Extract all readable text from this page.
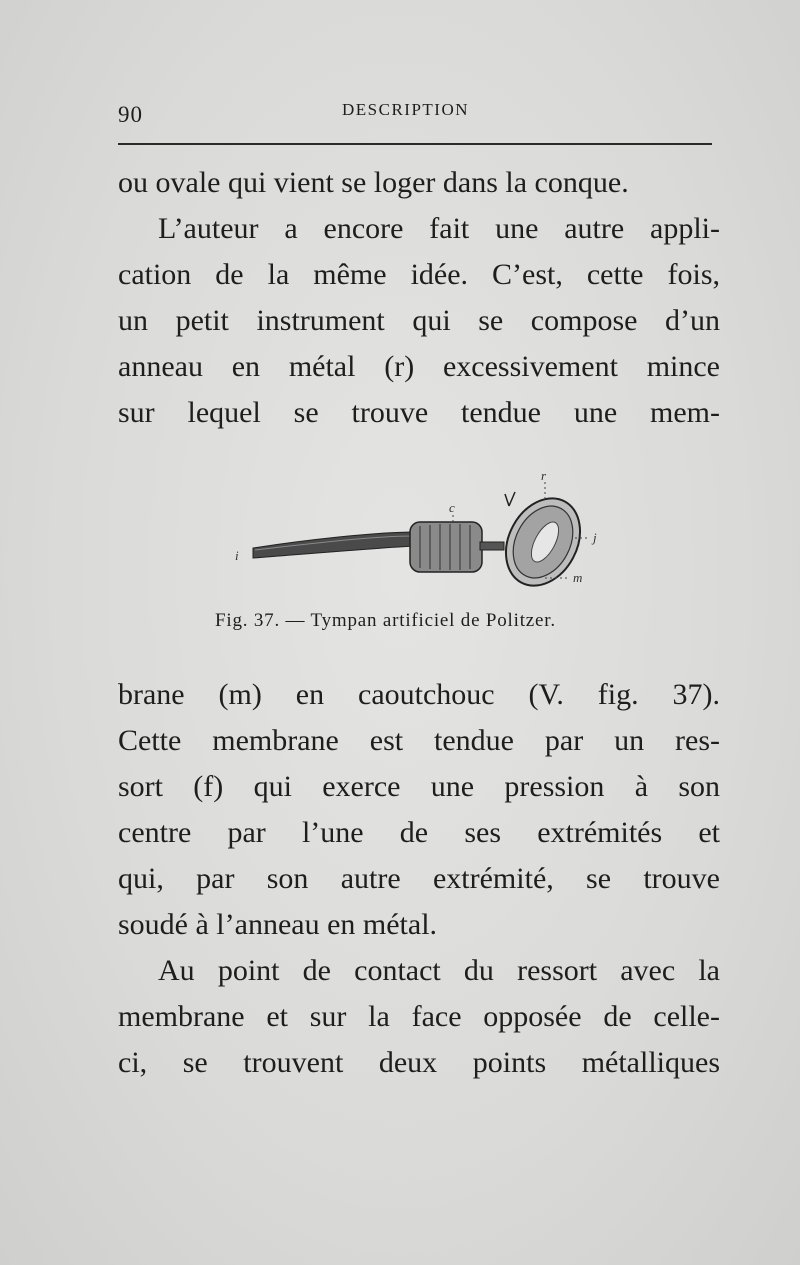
90	DESCRIPTION
ou ovale qui vient se loger dans la conque.
L’auteur a encore fait une autre appli-
cation de la même idée. C’est, cette fois,
un petit instrument qui se compose d’un
anneau en métal (r) excessivement mince
sur lequel se trouve tendue une mem-
r
c
i
j
m
Fig. 37. — Tympan artificiel de Politzer.
brane (m) en caoutchouc (V. fig. 37).
Cette membrane est tendue par un res-
sort (f) qui exerce une pression à son
centre par l’une de ses extrémités et
qui, par son autre extrémité, se trouve
soudé à l’anneau en métal.
Au point de contact du ressort avec la
membrane et sur la face opposée de celle-
ci, se trouvent deux points métalliques
